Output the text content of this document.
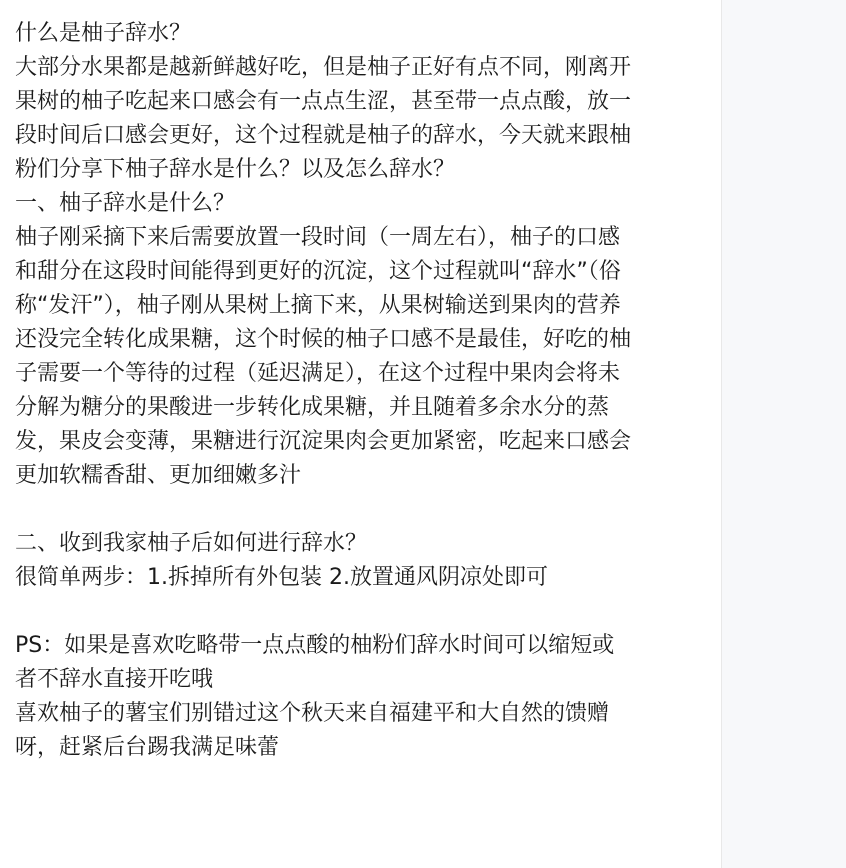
什么是柚子辞水？
大部分水果都是越新鲜越好吃，但是柚子正好有点不同，刚离开
果树的柚子吃起来口感会有一点点生涩，甚至带一点点酸，放一
段时间后口感会更好，这个过程就是柚子的辞水，今天就来跟柚
粉们分享下柚子辞水是什么？以及怎么辞水？
一、柚子辞水是什么？
柚子刚采摘下来后需要放置一段时间（一周左右），柚子的口感
和甜分在这段时间能得到更好的沉淀，这个过程就叫“辞水”（俗
称“发汗”），柚子刚从果树上摘下来，从果树输送到果肉的营养
还没完全转化成果糖，这个时候的柚子口感不是最佳，好吃的柚
子需要一个等待的过程（延迟满足），在这个过程中果肉会将未
分解为糖分的果酸进一步转化成果糖，并且随着多余水分的蒸
发，果皮会变薄，果糖进行沉淀果肉会更加紧密，吃起来口感会
更加软糯香甜、更加细嫩多汁
二、收到我家柚子后如何进行辞水？
很简单两步：1.拆掉所有外包装 2.放置通风阴凉处即可
PS：如果是喜欢吃略带一点点酸的柚粉们辞水时间可以缩短或
者不辞水直接开吃哦
喜欢柚子的薯宝们别错过这个秋天来自福建平和大自然的馈赠
呀，赶紧后台踢我满足味蕾
